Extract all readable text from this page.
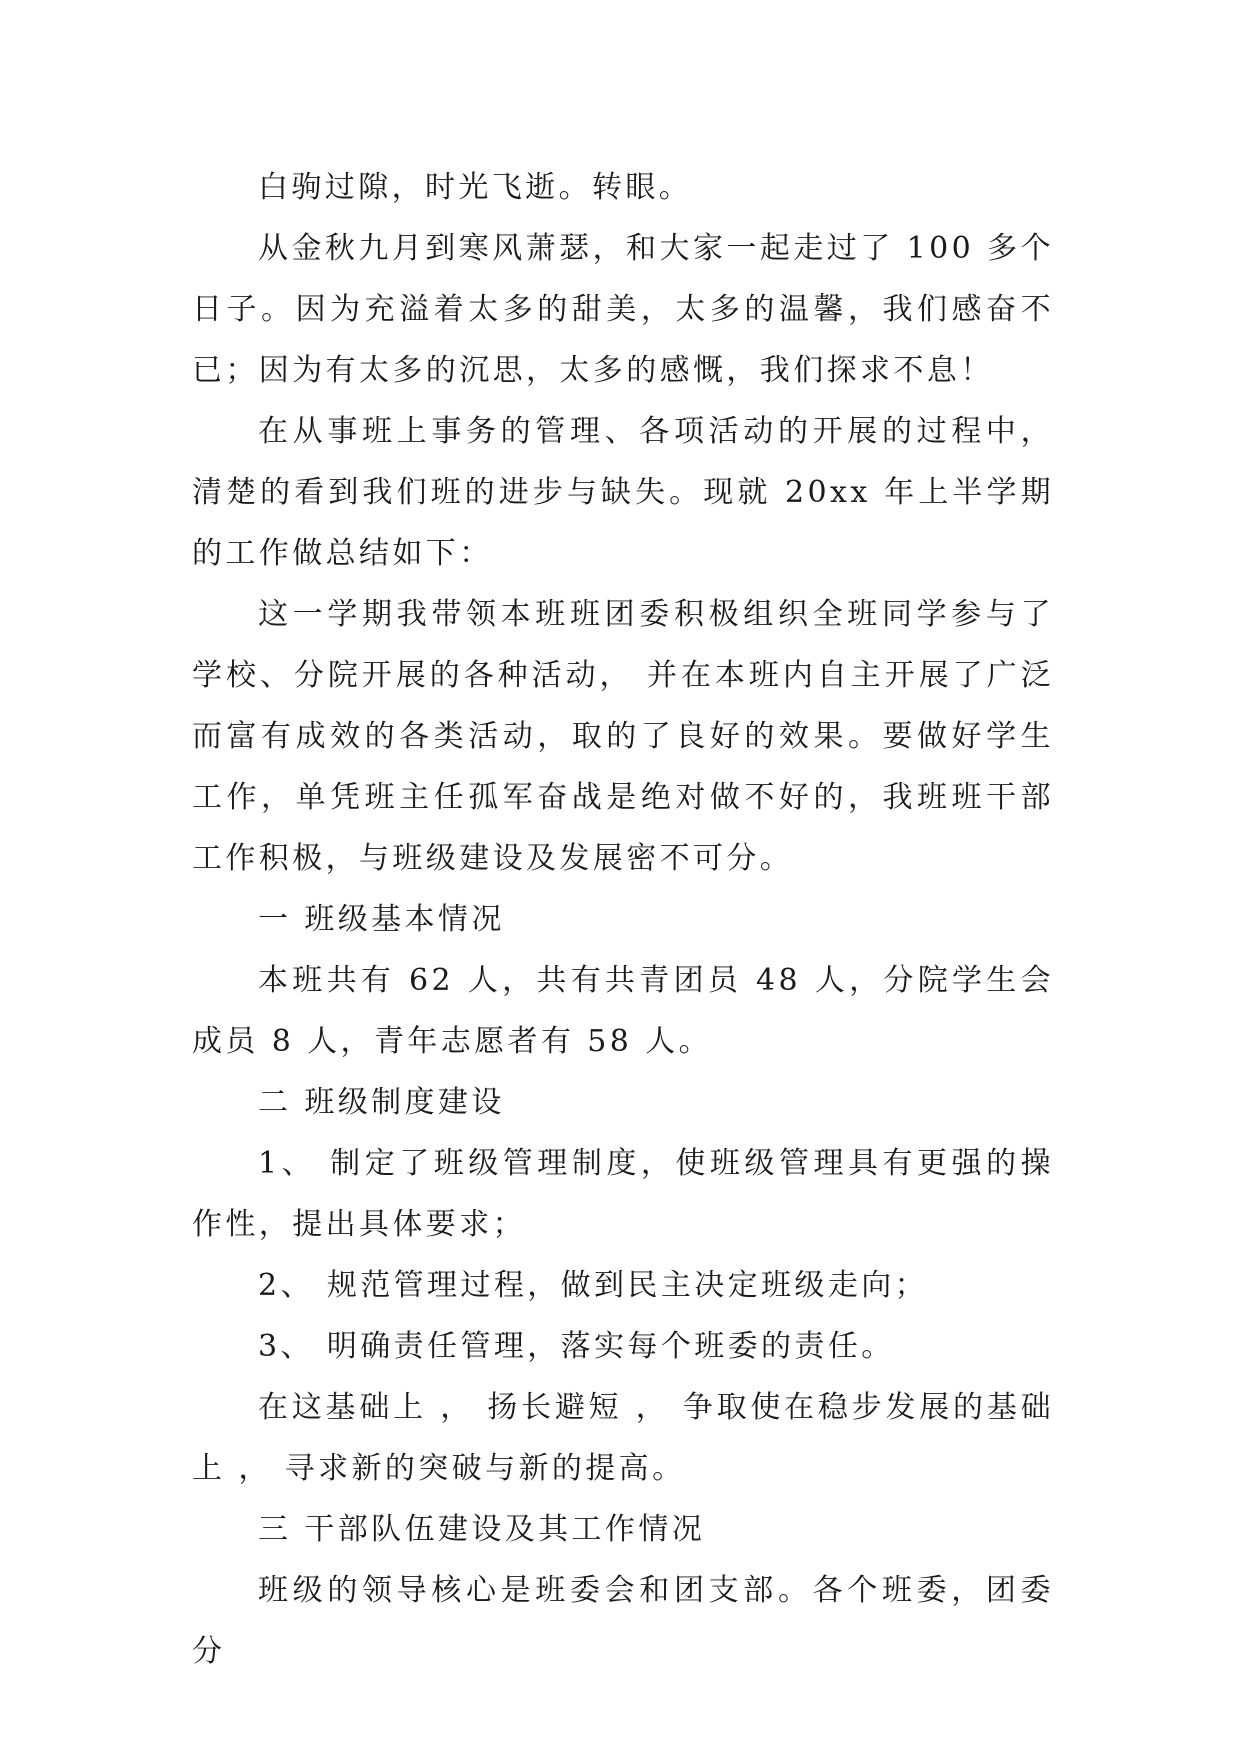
白驹过隙，时光飞逝。转眼。

从金秋九月到寒风萧瑟，和大家一起走过了 100 多个日子。因为充溢着太多的甜美，太多的温馨，我们感奋不已；因为有太多的沉思，太多的感慨，我们探求不息！

在从事班上事务的管理、各项活动的开展的过程中，清楚的看到我们班的进步与缺失。现就 20xx 年上半学期的工作做总结如下：

这一学期我带领本班班团委积极组织全班同学参与了学校、分院开展的各种活动， 并在本班内自主开展了广泛而富有成效的各类活动，取的了良好的效果。要做好学生工作，单凭班主任孤军奋战是绝对做不好的，我班班干部工作积极，与班级建设及发展密不可分。

一 班级基本情况

本班共有 62 人，共有共青团员 48 人，分院学生会成员 8 人，青年志愿者有 58 人。

二 班级制度建设

1、 制定了班级管理制度，使班级管理具有更强的操作性，提出具体要求；

2、 规范管理过程，做到民主决定班级走向；

3、 明确责任管理，落实每个班委的责任。

在这基础上 ， 扬长避短 ， 争取使在稳步发展的基础上 ， 寻求新的突破与新的提高。

三 干部队伍建设及其工作情况

班级的领导核心是班委会和团支部。各个班委，团委分
